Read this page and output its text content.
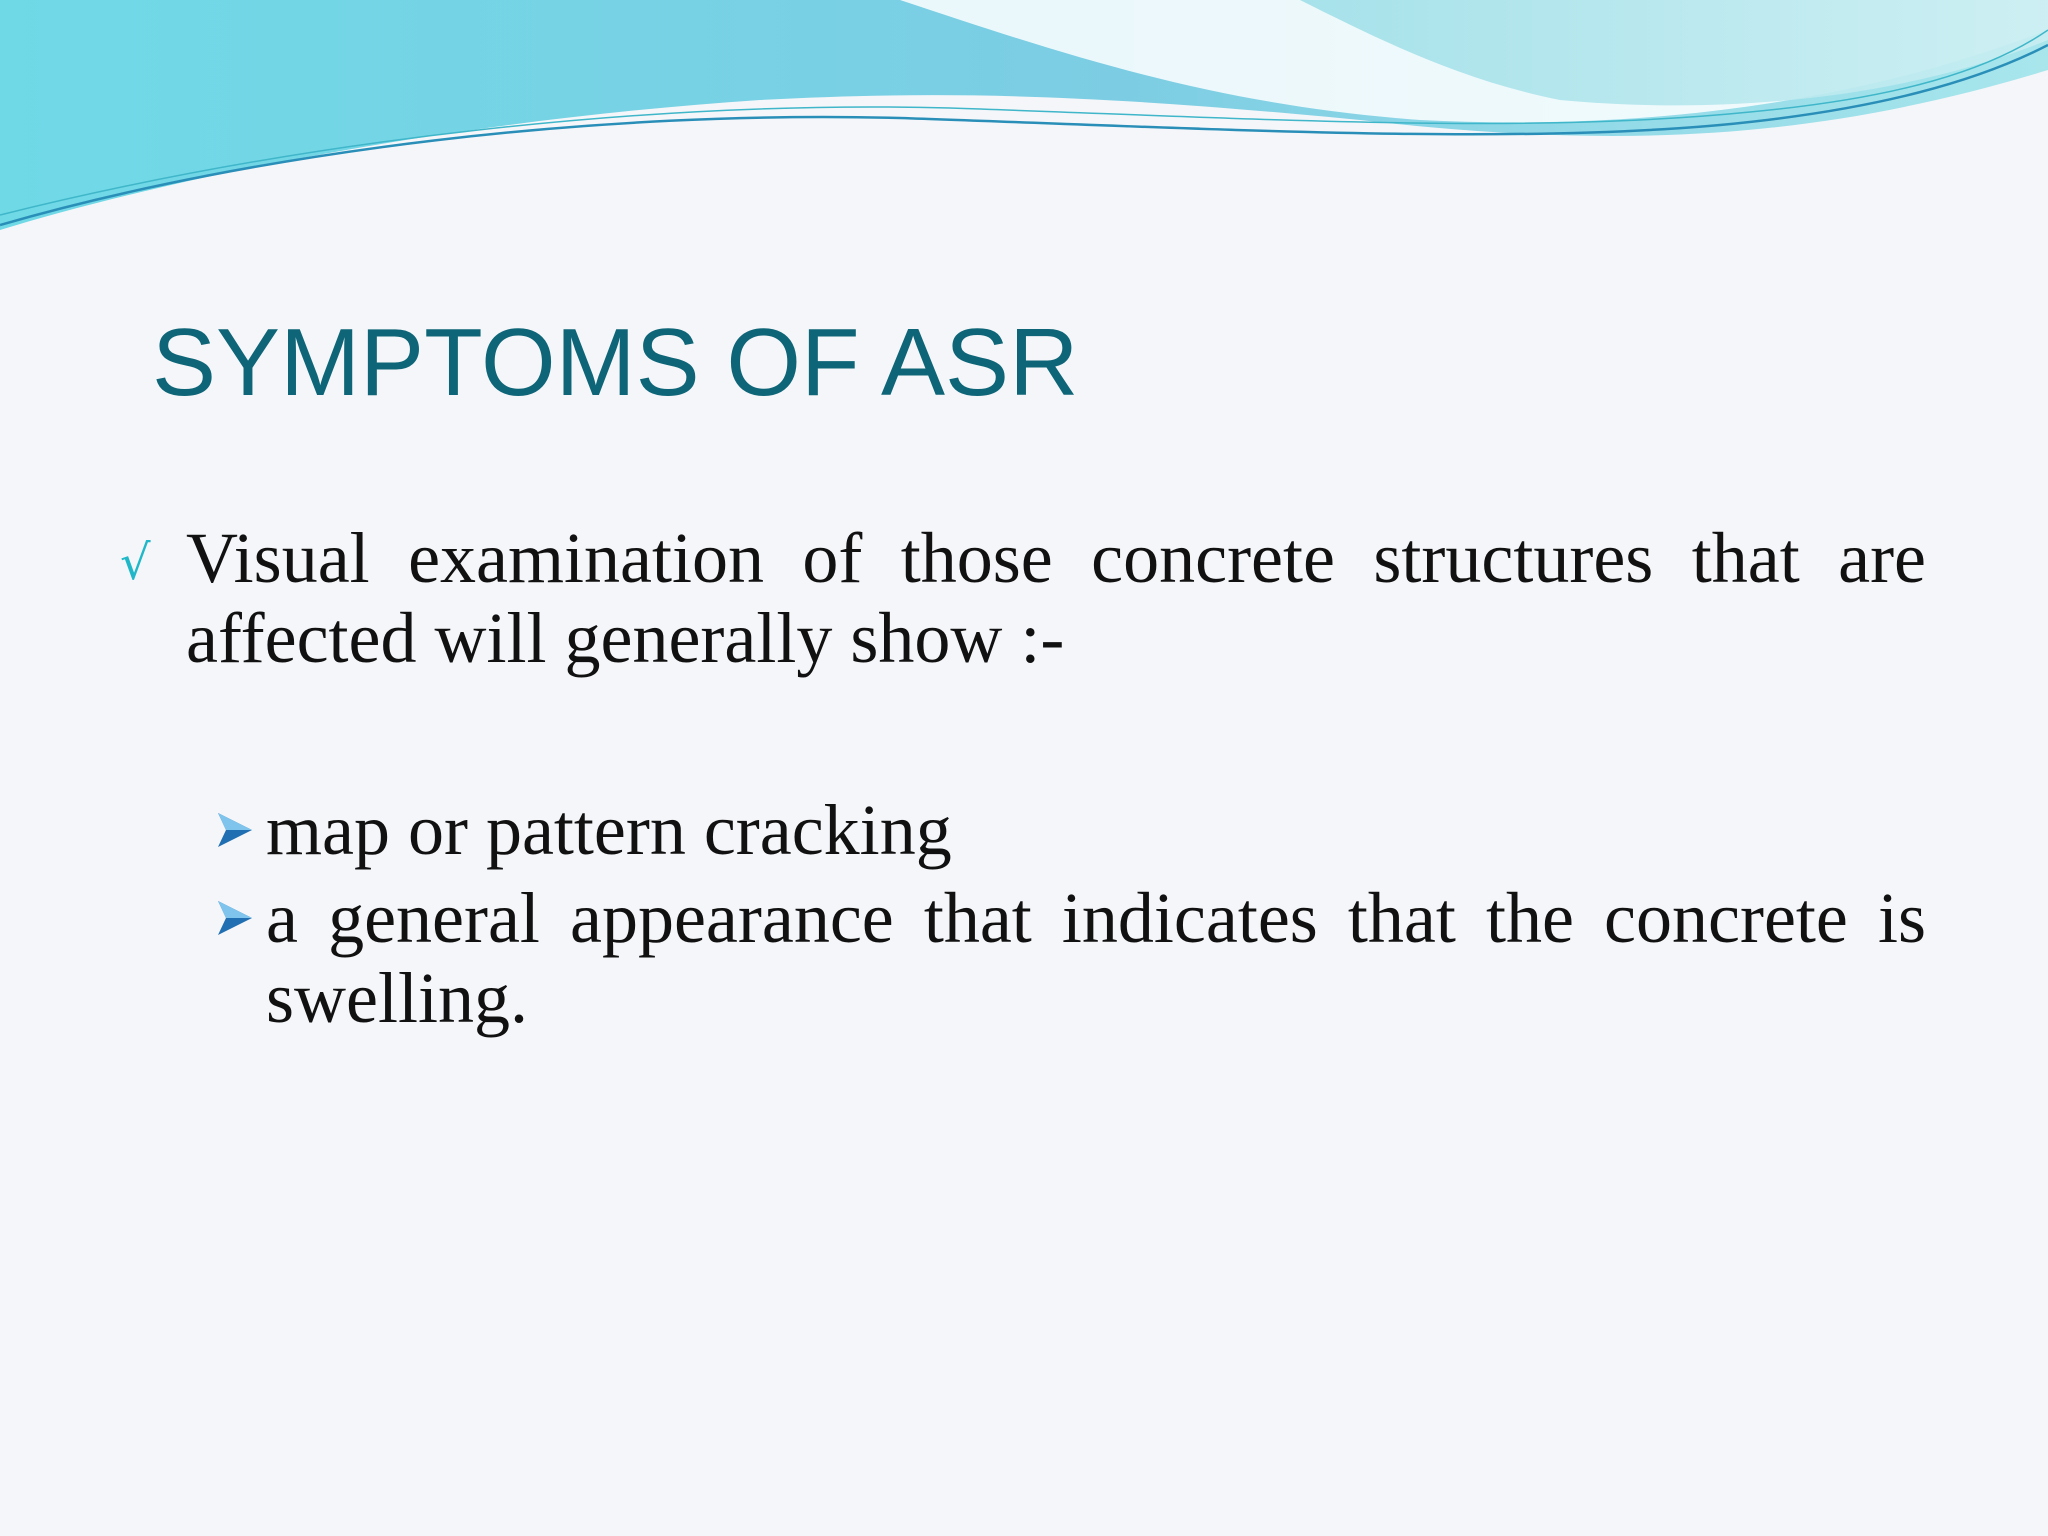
SYMPTOMS OF ASR
√ Visual examination of those concrete structures that are affected will generally show :-
map or pattern cracking
a general appearance that indicates that the concrete is swelling.
